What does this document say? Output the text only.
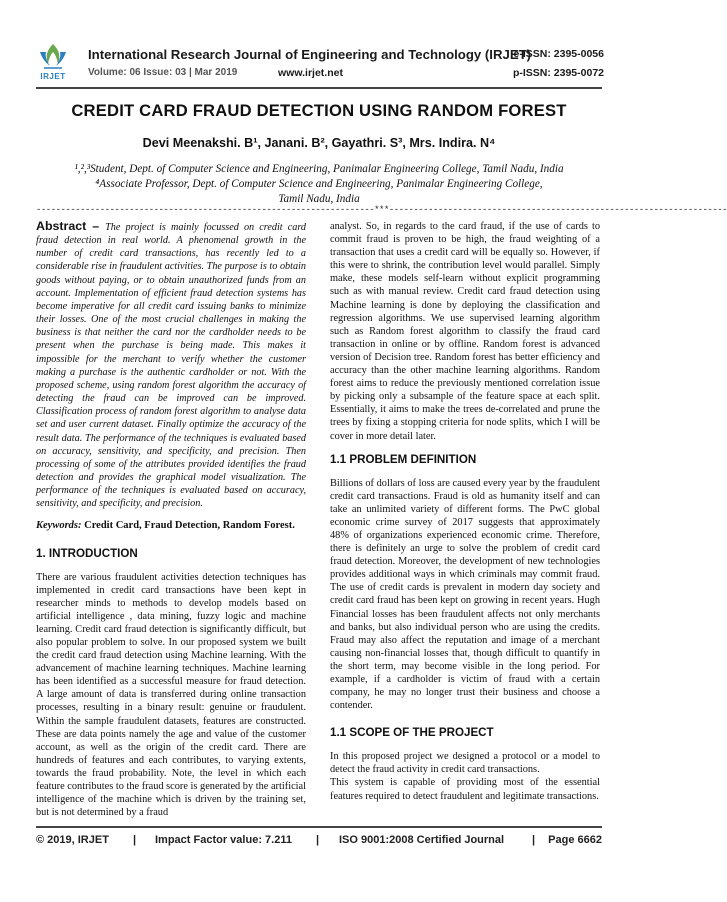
IRJET
International Research Journal of Engineering and Technology (IRJET)
e-ISSN: 2395-0056
Volume: 06 Issue: 03 | Mar 2019	www.irjet.net	p-ISSN: 2395-0072
CREDIT CARD FRAUD DETECTION USING RANDOM FOREST
Devi Meenakshi. B¹, Janani. B², Gayathri. S³, Mrs. Indira. N⁴
¹,²,³Student, Dept. of Computer Science and Engineering, Panimalar Engineering College, Tamil Nadu, India
⁴Associate Professor, Dept. of Computer Science and Engineering, Panimalar Engineering College,
Tamil Nadu, India
---------------------------------------------------------------------***---------------------------------------------------------------------

Abstract – The project is mainly focussed on credit card fraud detection in real world. A phenomenal growth in the number of credit card transactions, has recently led to a considerable rise in fraudulent activities. The purpose is to obtain goods without paying, or to obtain unauthorized funds from an account. Implementation of efficient fraud detection systems has become imperative for all credit card issuing banks to minimize their losses. One of the most crucial challenges in making the business is that neither the card nor the cardholder needs to be present when the purchase is being made. This makes it impossible for the merchant to verify whether the customer making a purchase is the authentic cardholder or not. With the proposed scheme, using random forest algorithm the accuracy of detecting the fraud can be improved can be improved. Classification process of random forest algorithm to analyse data set and user current dataset. Finally optimize the accuracy of the result data. The performance of the techniques is evaluated based on accuracy, sensitivity, and specificity, and precision. Then processing of some of the attributes provided identifies the fraud detection and provides the graphical model visualization. The performance of the techniques is evaluated based on accuracy, sensitivity, and specificity, and precision.

Keywords: Credit Card, Fraud Detection, Random Forest.

1. INTRODUCTION

There are various fraudulent activities detection techniques has implemented in credit card transactions have been kept in researcher minds to methods to develop models based on artificial intelligence , data mining, fuzzy logic and machine learning. Credit card fraud detection is significantly difficult, but also popular problem to solve. In our proposed system we built the credit card fraud detection using Machine learning. With the advancement of machine learning techniques. Machine learning has been identified as a successful measure for fraud detection. A large amount of data is transferred during online transaction processes, resulting in a binary result: genuine or fraudulent. Within the sample fraudulent datasets, features are constructed. These are data points namely the age and value of the customer account, as well as the origin of the credit card. There are hundreds of features and each contributes, to varying extents, towards the fraud probability. Note, the level in which each feature contributes to the fraud score is generated by the artificial intelligence of the machine which is driven by the training set, but is not determined by a fraud

analyst. So, in regards to the card fraud, if the use of cards to commit fraud is proven to be high, the fraud weighting of a transaction that uses a credit card will be equally so. However, if this were to shrink, the contribution level would parallel. Simply make, these models self-learn without explicit programming such as with manual review. Credit card fraud detection using Machine learning is done by deploying the classification and regression algorithms. We use supervised learning algorithm such as Random forest algorithm to classify the fraud card transaction in online or by offline. Random forest is advanced version of Decision tree. Random forest has better efficiency and accuracy than the other machine learning algorithms. Random forest aims to reduce the previously mentioned correlation issue by picking only a subsample of the feature space at each split. Essentially, it aims to make the trees de-correlated and prune the trees by fixing a stopping criteria for node splits, which I will be cover in more detail later.

1.1 PROBLEM DEFINITION

Billions of dollars of loss are caused every year by the fraudulent credit card transactions. Fraud is old as humanity itself and can take an unlimited variety of different forms. The PwC global economic crime survey of 2017 suggests that approximately 48% of organizations experienced economic crime. Therefore, there is definitely an urge to solve the problem of credit card fraud detection. Moreover, the development of new technologies provides additional ways in which criminals may commit fraud. The use of credit cards is prevalent in modern day society and credit card fraud has been kept on growing in recent years. Hugh Financial losses has been fraudulent affects not only merchants and banks, but also individual person who are using the credits. Fraud may also affect the reputation and image of a merchant causing non-financial losses that, though difficult to quantify in the short term, may become visible in the long period. For example, if a cardholder is victim of fraud with a certain company, he may no longer trust their business and choose a contender.

1.1 SCOPE OF THE PROJECT

In this proposed project we designed a protocol or a model to detect the fraud activity in credit card transactions.

This system is capable of providing most of the essential features required to detect fraudulent and legitimate transactions.

© 2019, IRJET | Impact Factor value: 7.211 | ISO 9001:2008 Certified Journal	| Page 6662
